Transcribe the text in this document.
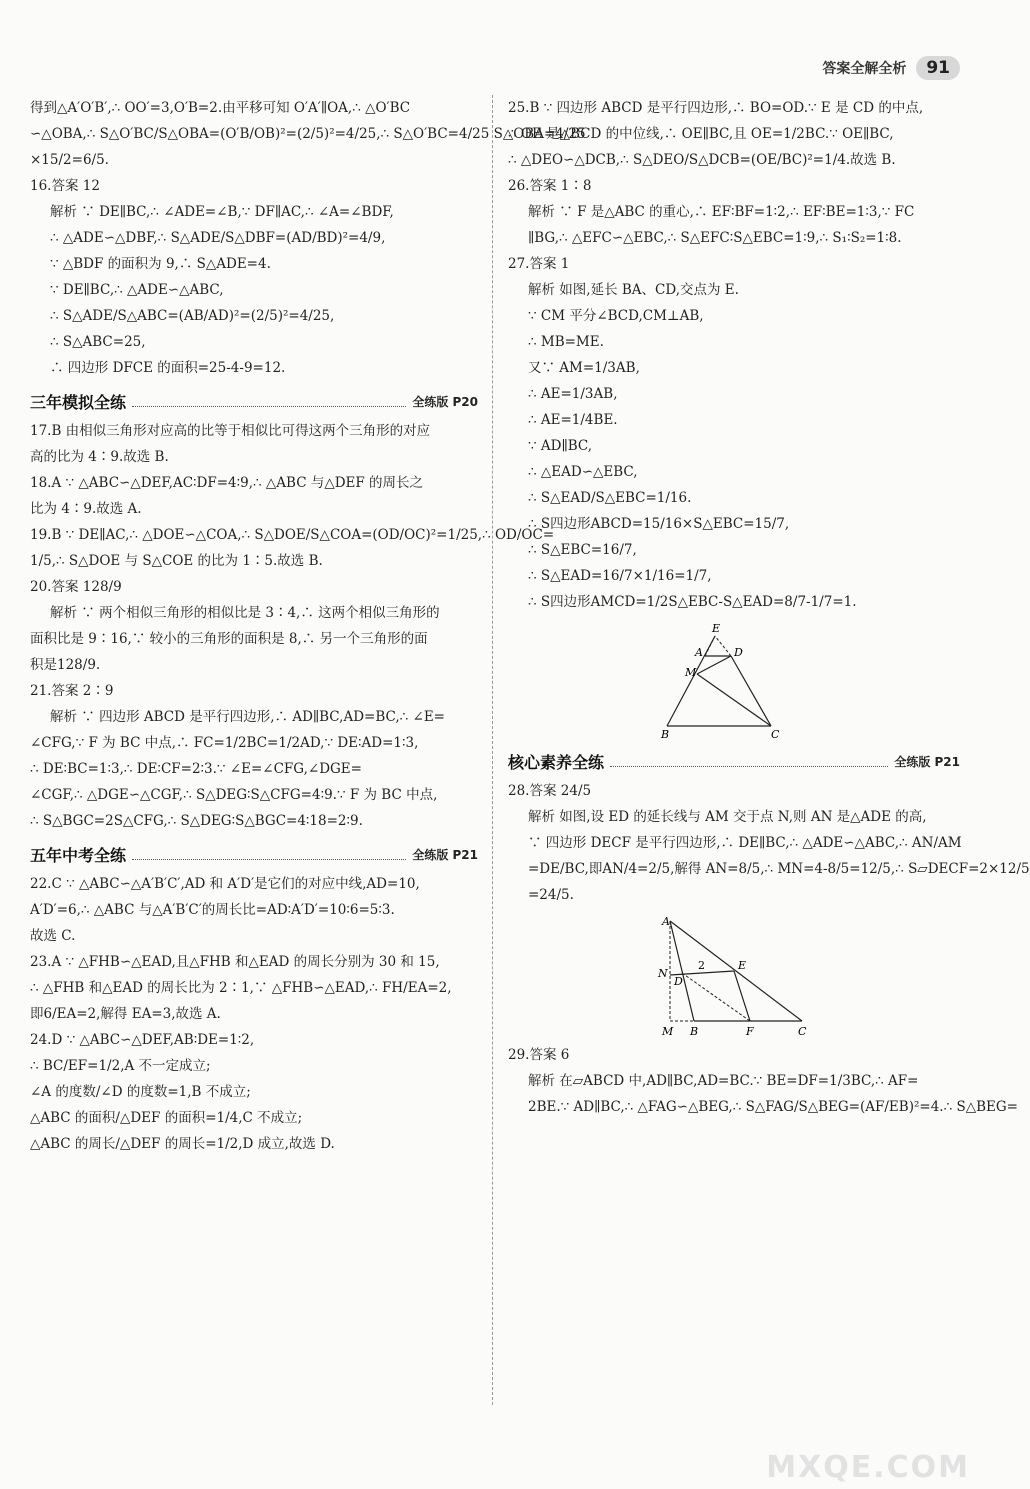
答案全解全析	91
得到△A′O′B′,∴ OO′=3,O′B=2.由平移可知 O′A′∥OA,∴ △O′BC
∽△OBA,∴ S△O′BC/S△OBA=(O′B/OB)²=(2/5)²=4/25,∴ S△O′BC=4/25 S△OBA=4/25
×15/2=6/5.
16.答案 12
解析 ∵ DE∥BC,∴ ∠ADE=∠B,∵ DF∥AC,∴ ∠A=∠BDF,
∴ △ADE∽△DBF,∴ S△ADE/S△DBF=(AD/BD)²=4/9,
∵ △BDF 的面积为 9,∴ S△ADE=4.
∵ DE∥BC,∴ △ADE∽△ABC,
∴ S△ADE/S△ABC=(AB/AD)²=(2/5)²=4/25,
∴ S△ABC=25,
∴ 四边形 DFCE 的面积=25-4-9=12.
三年模拟全练	全练版 P20
17.B 由相似三角形对应高的比等于相似比可得这两个三角形的对应
高的比为 4∶9.故选 B.
18.A ∵ △ABC∽△DEF,AC∶DF=4∶9,∴ △ABC 与△DEF 的周长之
比为 4∶9.故选 A.
19.B ∵ DE∥AC,∴ △DOE∽△COA,∴ S△DOE/S△COA=(OD/OC)²=1/25,∴ OD/OC=
1/5,∴ S△DOE 与 S△COE 的比为 1∶5.故选 B.
20.答案 128/9
解析 ∵ 两个相似三角形的相似比是 3∶4,∴ 这两个相似三角形的
面积比是 9∶16,∵ 较小的三角形的面积是 8,∴ 另一个三角形的面
积是128/9.
21.答案 2∶9
解析 ∵ 四边形 ABCD 是平行四边形,∴ AD∥BC,AD=BC,∴ ∠E=
∠CFG,∵ F 为 BC 中点,∴ FC=1/2BC=1/2AD,∵ DE∶AD=1∶3,
∴ DE∶BC=1∶3,∴ DE∶CF=2∶3.∵ ∠E=∠CFG,∠DGE=
∠CGF,∴ △DGE∽△CGF,∴ S△DEG∶S△CFG=4∶9.∵ F 为 BC 中点,
∴ S△BGC=2S△CFG,∴ S△DEG∶S△BGC=4∶18=2∶9.
五年中考全练	全练版 P21
22.C ∵ △ABC∽△A′B′C′,AD 和 A′D′是它们的对应中线,AD=10,
A′D′=6,∴ △ABC 与△A′B′C′的周长比=AD∶A′D′=10∶6=5∶3.
故选 C.
23.A ∵ △FHB∽△EAD,且△FHB 和△EAD 的周长分别为 30 和 15,
∴ △FHB 和△EAD 的周长比为 2∶1,∵ △FHB∽△EAD,∴ FH/EA=2,
即6/EA=2,解得 EA=3,故选 A.
24.D ∵ △ABC∽△DEF,AB∶DE=1∶2,
∴ BC/EF=1/2,A 不一定成立;
∠A 的度数/∠D 的度数=1,B 不成立;
△ABC 的面积/△DEF 的面积=1/4,C 不成立;
△ABC 的周长/△DEF 的周长=1/2,D 成立,故选 D.
25.B ∵ 四边形 ABCD 是平行四边形,∴ BO=OD.∵ E 是 CD 的中点,
∴ OE 是△BCD 的中位线,∴ OE∥BC,且 OE=1/2BC.∵ OE∥BC,
∴ △DEO∽△DCB,∴ S△DEO/S△DCB=(OE/BC)²=1/4.故选 B.
26.答案 1∶8
解析 ∵ F 是△ABC 的重心,∴ EF∶BF=1∶2,∴ EF∶BE=1∶3,∵ FC
∥BG,∴ △EFC∽△EBC,∴ S△EFC∶S△EBC=1∶9,∴ S₁∶S₂=1∶8.
27.答案 1
解析 如图,延长 BA、CD,交点为 E.
∵ CM 平分∠BCD,CM⊥AB,
∴ MB=ME.
又∵ AM=1/3AB,
∴ AE=1/3AB,
∴ AE=1/4BE.
∵ AD∥BC,
∴ △EAD∽△EBC,
∴ S△EAD/S△EBC=1/16.
∴ S四边形ABCD=15/16×S△EBC=15/7,
∴ S△EBC=16/7,
∴ S△EAD=16/7×1/16=1/7,
∴ S四边形AMCD=1/2S△EBC-S△EAD=8/7-1/7=1.
E
A	D
M
B	C
核心素养全练	全练版 P21
28.答案 24/5
解析 如图,设 ED 的延长线与 AM 交于点 N,则 AN 是△ADE 的高,
∵ 四边形 DECF 是平行四边形,∴ DE∥BC,∴ △ADE∽△ABC,∴ AN/AM
=DE/BC,即AN/4=2/5,解得 AN=8/5,∴ MN=4-8/5=12/5,∴ S▱DECF=2×12/5
=24/5.
A
2	E
N
D
M B	F	C
29.答案 6
解析 在▱ABCD 中,AD∥BC,AD=BC.∵ BE=DF=1/3BC,∴ AF=
2BE.∵ AD∥BC,∴ △FAG∽△BEG,∴ S△FAG/S△BEG=(AF/EB)²=4.∴ S△BEG=
MXQE.COM
